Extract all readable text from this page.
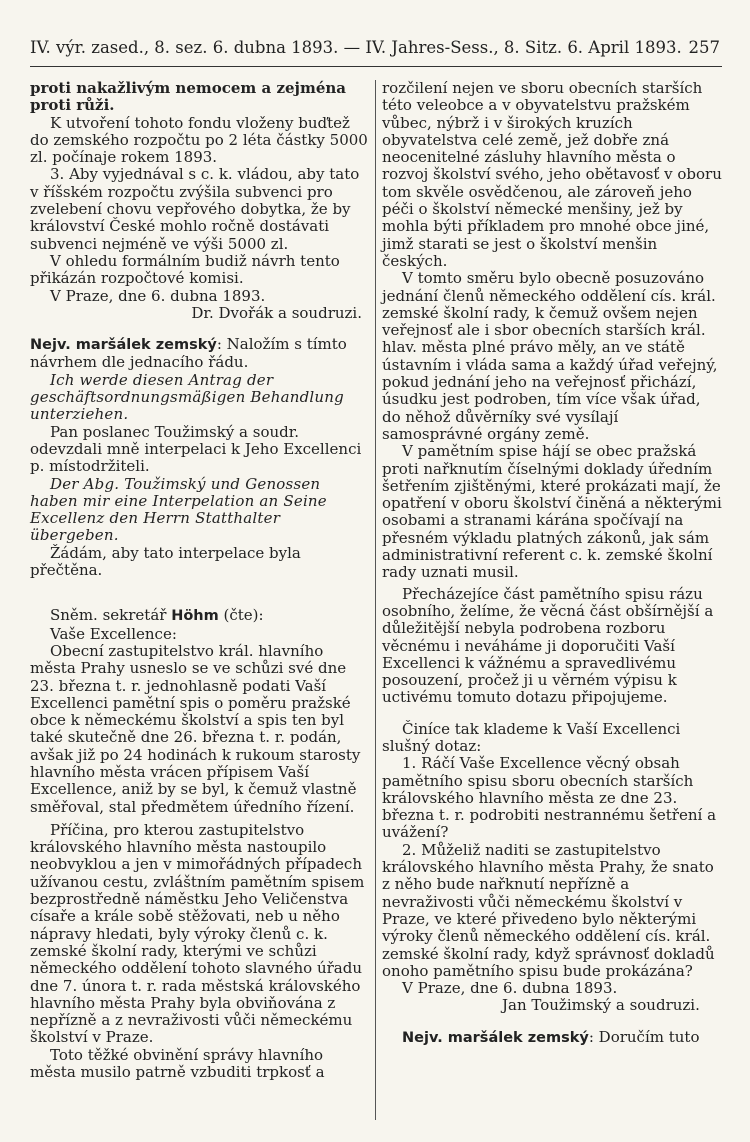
IV. výr. zased., 8. sez. 6. dubna 1893. — IV. Jahres-Sess., 8. Sitz. 6. April 1893. 257

proti nakažlivým nemocem a zejména proti růži.

K utvoření tohoto fondu vloženy buďtež do zemského rozpočtu po 2 léta částky 5000 zl. počínaje rokem 1893.

3. Aby vyjednával s c. k. vládou, aby tato v říšském rozpočtu zvýšila subvenci pro zvelebení chovu vepřového dobytka, že by království České mohlo ročně dostávati subvenci nejméně ve výši 5000 zl.

V ohledu formálním budiž návrh tento přikázán rozpočtové komisi.

V Praze, dne 6. dubna 1893.

Dr. Dvořák a soudruzi.

Nejv. maršálek zemský: Naložím s tímto návrhem dle jednacího řádu.

Ich werde diesen Antrag der geschäftsordnungsmäßigen Behandlung unterziehen.

Pan poslanec Toužimský a soudr. odevzdali mně interpelaci k Jeho Excellenci p. místodržiteli.

Der Abg. Toužimský und Genossen haben mir eine Interpelation an Seine Excellenz den Herrn Statthalter übergeben.

Žádám, aby tato interpelace byla přečtěna.

Sněm. sekretář Höhm (čte):

Vaše Excellence:

Obecní zastupitelstvo král. hlavního města Prahy usneslo se ve schůzi své dne 23. března t. r. jednohlasně podati Vaší Excellenci pamětní spis o poměru pražské obce k německému školství a spis ten byl také skutečně dne 26. března t. r. podán, avšak již po 24 hodinách k rukoum starosty hlavního města vrácen přípisem Vaší Excellence, aniž by se byl, k čemuž vlastně směřoval, stal předmětem úředního řízení.

Příčina, pro kterou zastupitelstvo královského hlavního města nastoupilo neobvyklou a jen v mimořádných případech užívanou cestu, zvláštním pamětním spisem bezprostředně náměstku Jeho Veličenstva císaře a krále sobě stěžovati, neb u něho nápravy hledati, byly výroky členů c. k. zemské školní rady, kterými ve schůzi německého oddělení tohoto slavného úřadu dne 7. února t. r. rada městská královského hlavního města Prahy byla obviňována z nepřízně a z nevraživosti vůči německému školství v Praze.

Toto těžké obvinění správy hlavního města musilo patrně vzbuditi trpkosť a

rozčilení nejen ve sboru obecních starších této veleobce a v obyvatelstvu pražském vůbec, nýbrž i v širokých kruzích obyvatelstva celé země, jež dobře zná neocenitelné zásluhy hlavního města o rozvoj školství svého, jeho obětavosť v oboru tom skvěle osvědčenou, ale zároveň jeho péči o školství německé menšiny, jež by mohla býti příkladem pro mnohé obce jiné, jimž starati se jest o školství menšin českých.

V tomto směru bylo obecně posuzováno jednání členů německého oddělení cís. král. zemské školní rady, k čemuž ovšem nejen veřejnosť ale i sbor obecních starších král. hlav. města plné právo měly, an ve státě ústavním i vláda sama a každý úřad veřejný, pokud jednání jeho na veřejnosť přichází, úsudku jest podroben, tím více však úřad, do něhož důvěrníky své vysílají samosprávné orgány země.

V pamětním spise hájí se obec pražská proti nařknutím číselnými doklady úředním šetřením zjištěnými, které prokázati mají, že opatření v oboru školství činěná a některými osobami a stranami kárána spočívají na přesném výkladu platných zákonů, jak sám administrativní referent c. k. zemské školní rady uznati musil.

Přecházejíce část pamětního spisu rázu osobního, želíme, že věcná část obšírnější a důležitější nebyla podrobena rozboru věcnému i neváháme ji doporučiti Vaší Excellenci k vážnému a spravedlivému posouzení, pročež ji u věrném výpisu k uctivému tomuto dotazu připojujeme.

Činíce tak klademe k Vaší Excellenci slušný dotaz:

1. Ráčí Vaše Excellence věcný obsah pamětního spisu sboru obecních starších královského hlavního města ze dne 23. března t. r. podrobiti nestrannému šetření a uvážení?

2. Můželiž naditi se zastupitelstvo královského hlavního města Prahy, že snato z něho bude nařknutí nepřízně a nevraživosti vůči německému školství v Praze, ve které přivedeno bylo některými výroky členů německého oddělení cís. král. zemské školní rady, když správnosť dokladů onoho pamětního spisu bude prokázána?

V Praze, dne 6. dubna 1893.

Jan Toužimský a soudruzi.

Nejv. maršálek zemský: Doručím tuto
